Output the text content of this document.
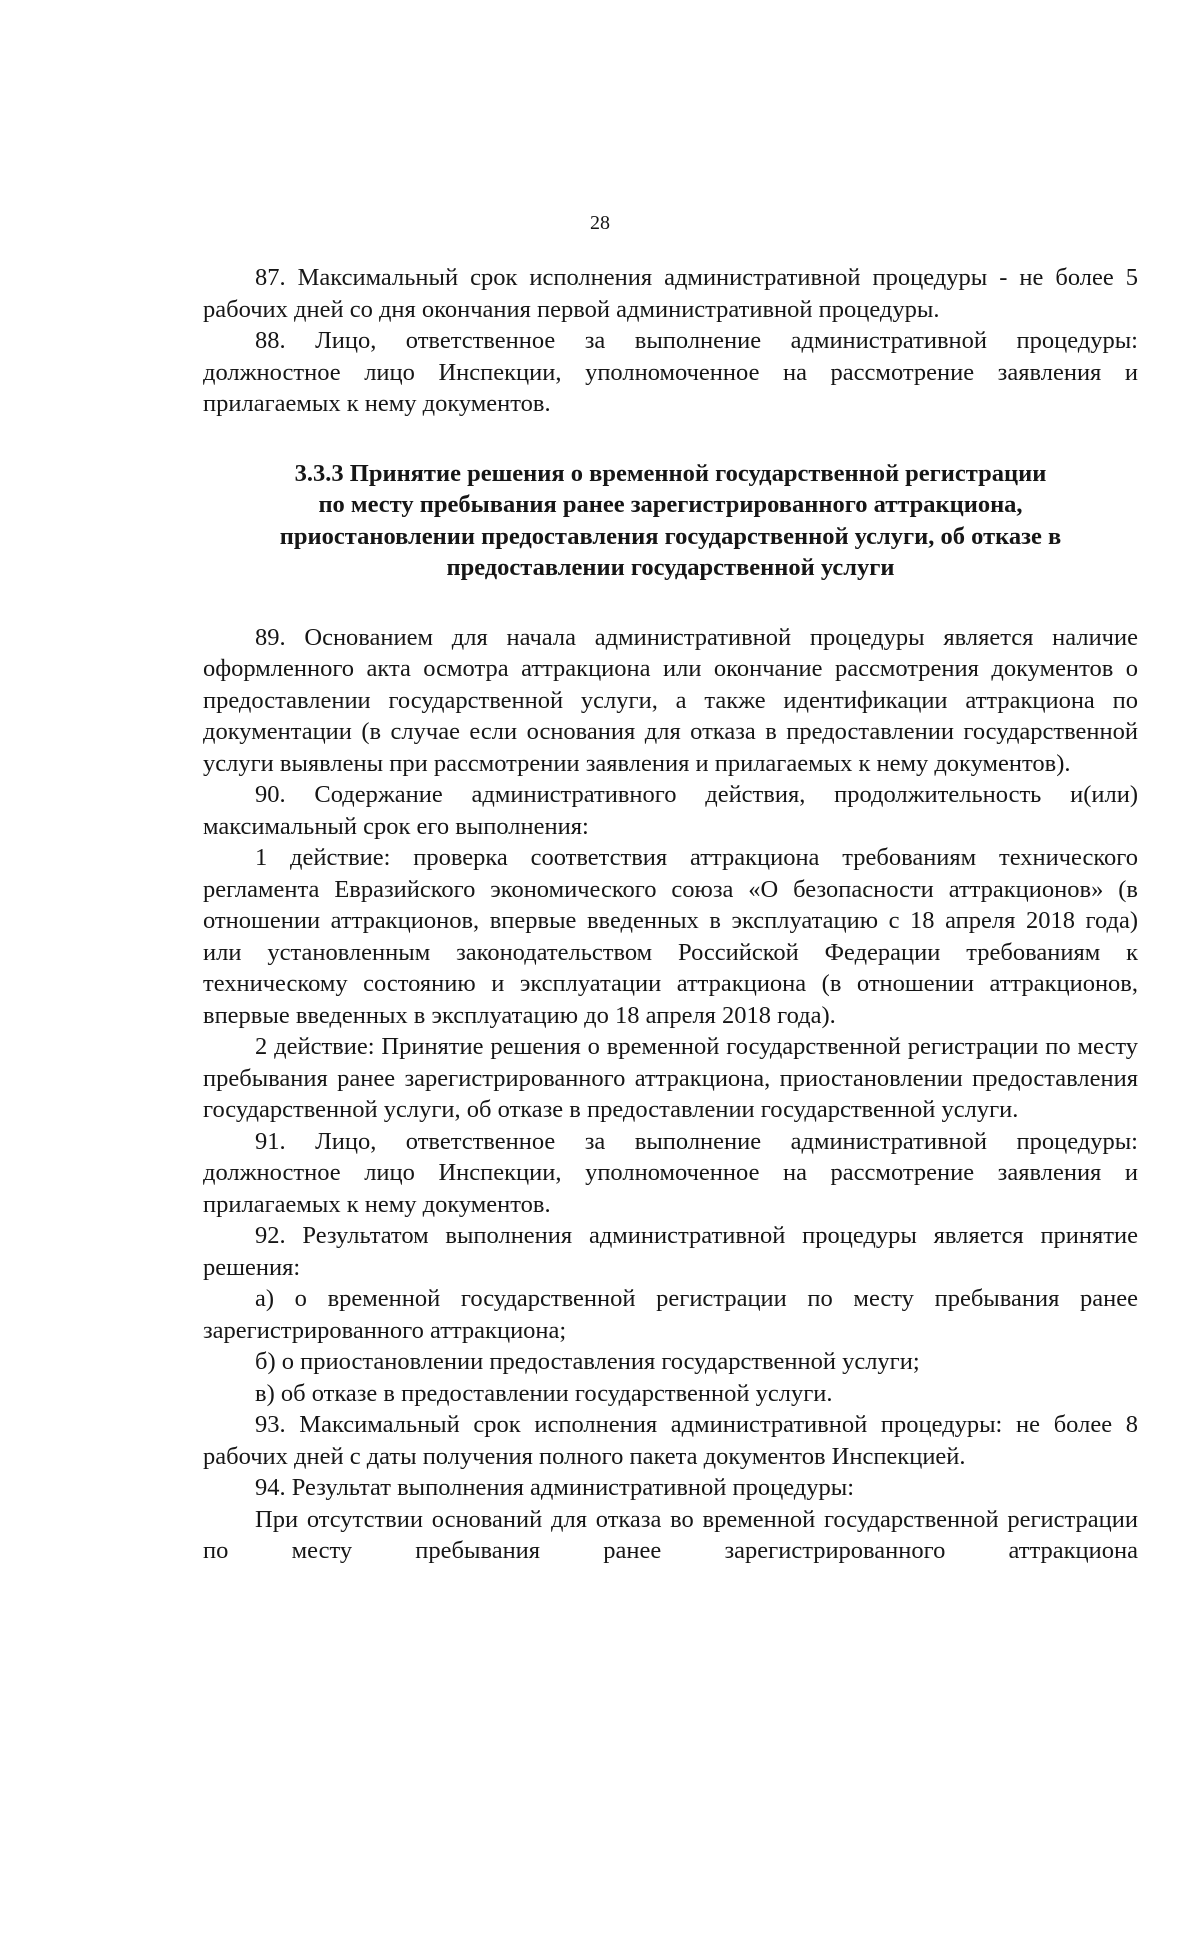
28

87. Максимальный срок исполнения административной процедуры - не более 5 рабочих дней со дня окончания первой административной процедуры.

88. Лицо, ответственное за выполнение административной процедуры: должностное лицо Инспекции, уполномоченное на рассмотрение заявления и прилагаемых к нему документов.

3.3.3 Принятие решения о временной государственной регистрации
по месту пребывания ранее зарегистрированного аттракциона,
приостановлении предоставления государственной услуги, об отказе в
предоставлении государственной услуги

89. Основанием для начала административной процедуры является наличие оформленного акта осмотра аттракциона или окончание рассмотрения документов о предоставлении государственной услуги, а также идентификации аттракциона по документации (в случае если основания для отказа в предоставлении государственной услуги выявлены при рассмотрении заявления и прилагаемых к нему документов).

90. Содержание административного действия, продолжительность и(или) максимальный срок его выполнения:

1 действие: проверка соответствия аттракциона требованиям технического регламента Евразийского экономического союза «О безопасности аттракционов» (в отношении аттракционов, впервые введенных в эксплуатацию с 18 апреля 2018 года) или установленным законодательством Российской Федерации требованиям к техническому состоянию и эксплуатации аттракциона (в отношении аттракционов, впервые введенных в эксплуатацию до 18 апреля 2018 года).

2 действие: Принятие решения о временной государственной регистрации по месту пребывания ранее зарегистрированного аттракциона, приостановлении предоставления государственной услуги, об отказе в предоставлении государственной услуги.

91. Лицо, ответственное за выполнение административной процедуры: должностное лицо Инспекции, уполномоченное на рассмотрение заявления и прилагаемых к нему документов.

92. Результатом выполнения административной процедуры является принятие решения:

а) о временной государственной регистрации по месту пребывания ранее зарегистрированного аттракциона;

б) о приостановлении предоставления государственной услуги;

в) об отказе в предоставлении государственной услуги.

93. Максимальный срок исполнения административной процедуры: не более 8 рабочих дней с даты получения полного пакета документов Инспекцией.

94. Результат выполнения административной процедуры:

При отсутствии оснований для отказа во временной государственной регистрации по месту пребывания ранее зарегистрированного аттракциона
